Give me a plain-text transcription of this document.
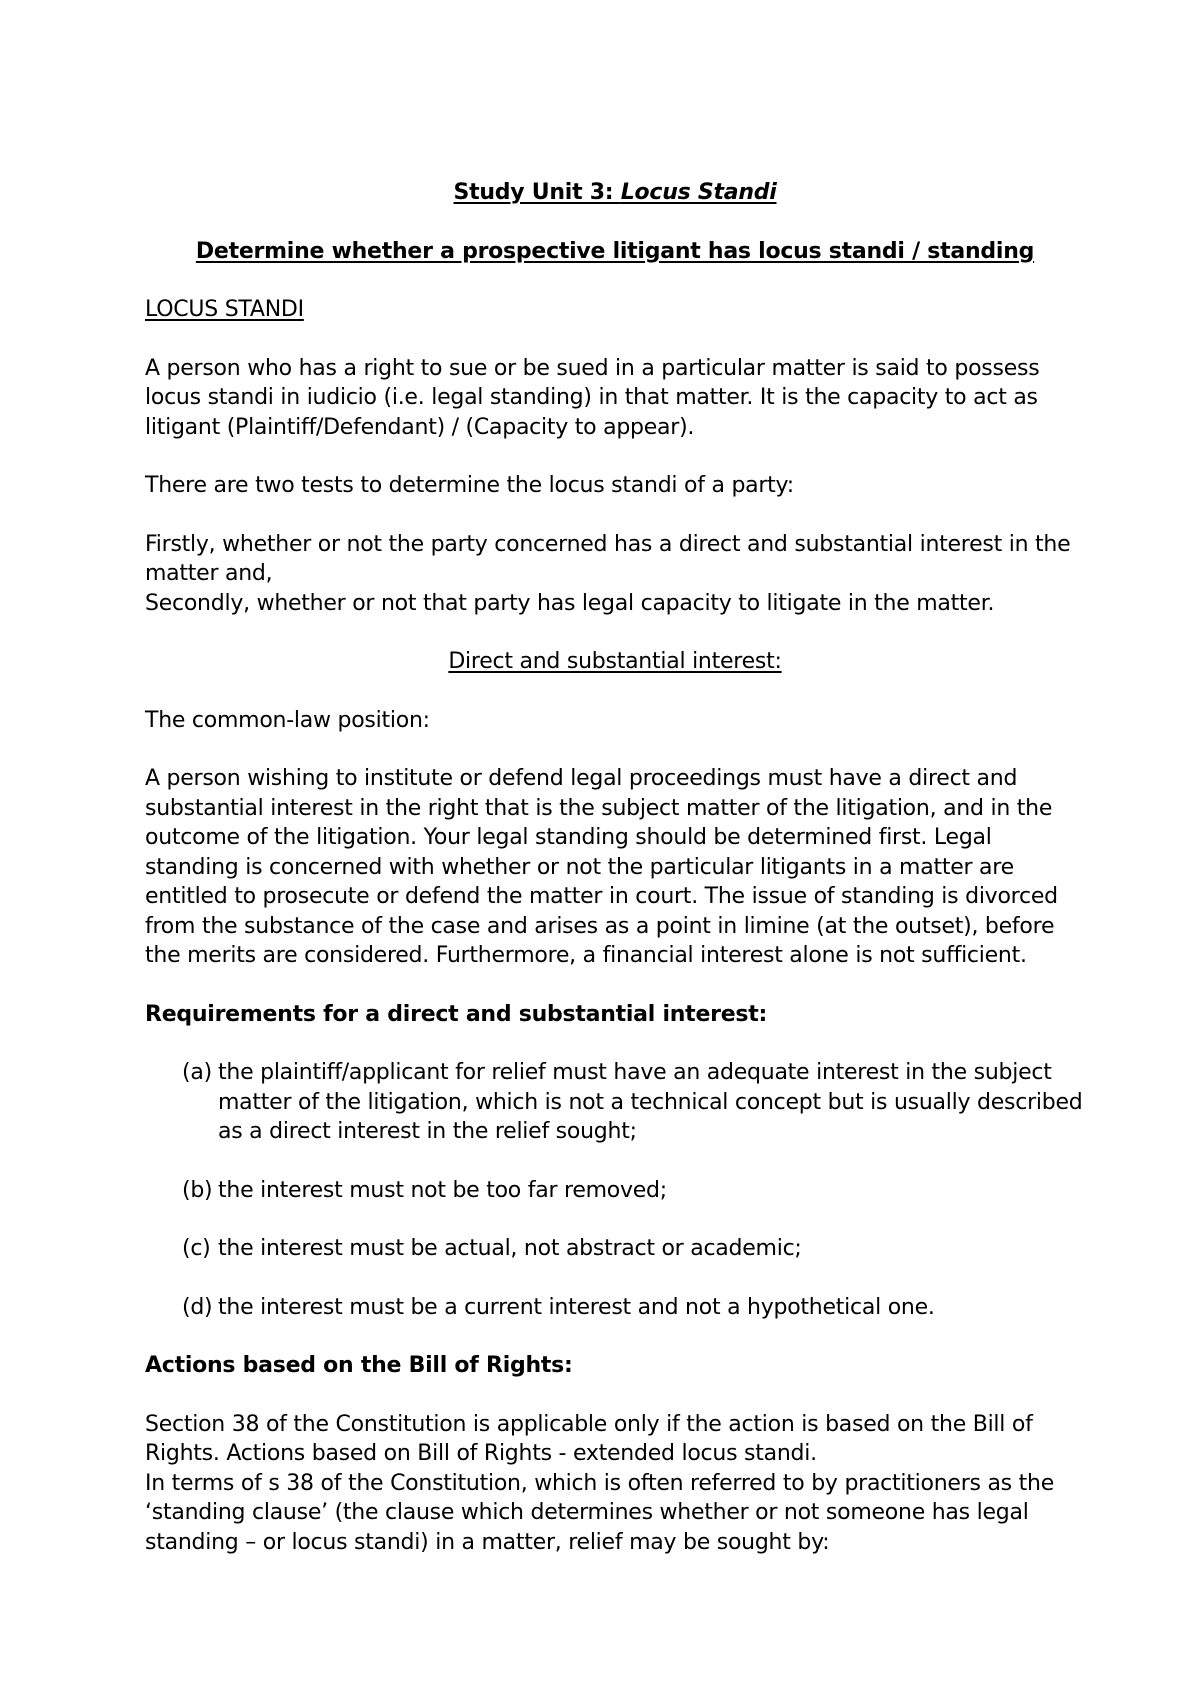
Study Unit 3: Locus Standi

Determine whether a prospective litigant has locus standi / standing

LOCUS STANDI

A person who has a right to sue or be sued in a particular matter is said to possess locus standi in iudicio (i.e. legal standing) in that matter. It is the capacity to act as litigant (Plaintiff/Defendant) / (Capacity to appear).

There are two tests to determine the locus standi of a party:

Firstly, whether or not the party concerned has a direct and substantial interest in the matter and,

Secondly, whether or not that party has legal capacity to litigate in the matter.

Direct and substantial interest:

The common-law position:

A person wishing to institute or defend legal proceedings must have a direct and substantial interest in the right that is the subject matter of the litigation, and in the outcome of the litigation. Your legal standing should be determined first. Legal standing is concerned with whether or not the particular litigants in a matter are entitled to prosecute or defend the matter in court. The issue of standing is divorced from the substance of the case and arises as a point in limine (at the outset), before the merits are considered. Furthermore, a financial interest alone is not sufficient.

Requirements for a direct and substantial interest:

(a) the plaintiff/applicant for relief must have an adequate interest in the subject matter of the litigation, which is not a technical concept but is usually described as a direct interest in the relief sought;
(b) the interest must not be too far removed;
(c) the interest must be actual, not abstract or academic;
(d) the interest must be a current interest and not a hypothetical one.

Actions based on the Bill of Rights:

Section 38 of the Constitution is applicable only if the action is based on the Bill of Rights. Actions based on Bill of Rights - extended locus standi.

In terms of s 38 of the Constitution, which is often referred to by practitioners as the ‘standing clause’ (the clause which determines whether or not someone has legal standing – or locus standi) in a matter, relief may be sought by:
